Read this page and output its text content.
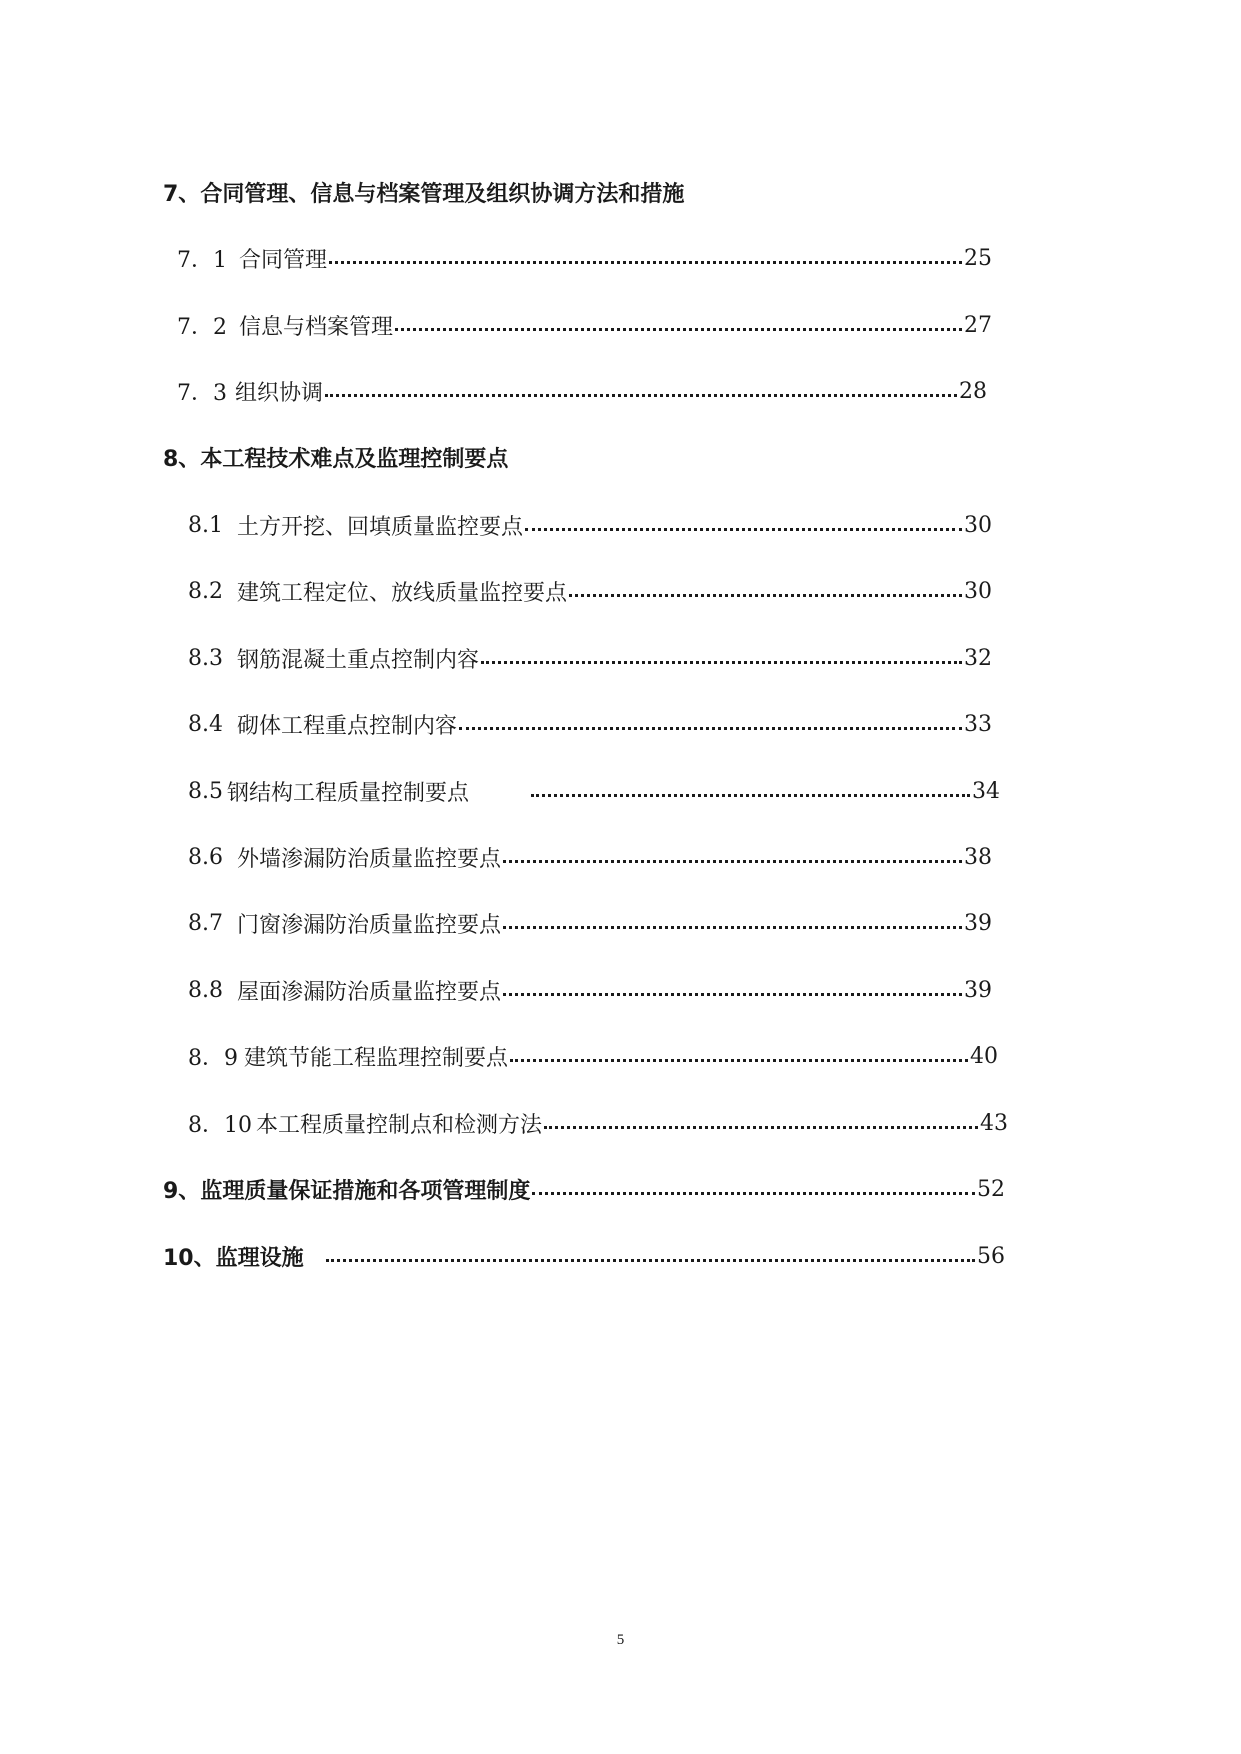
7、 合同管理、信息与档案管理及组织协调方法和措施
7．1 合同管理	25
7．2 信息与档案管理	27
7．3 组织协调	28
8、 本工程技术难点及监理控制要点
8.1 土方开挖、回填质量监控要点	30
8.2 建筑工程定位、放线质量监控要点	30
8.3 钢筋混凝土重点控制内容	32
8.4 砌体工程重点控制内容	33
8.5 钢结构工程质量控制要点	34
8.6 外墙渗漏防治质量监控要点	38
8.7 门窗渗漏防治质量监控要点	39
8.8 屋面渗漏防治质量监控要点	39
8．9 建筑节能工程监理控制要点	40
8．10 本工程质量控制点和检测方法	43
9、 监理质量保证措施和各项管理制度	52
10、 监理设施	56
5
